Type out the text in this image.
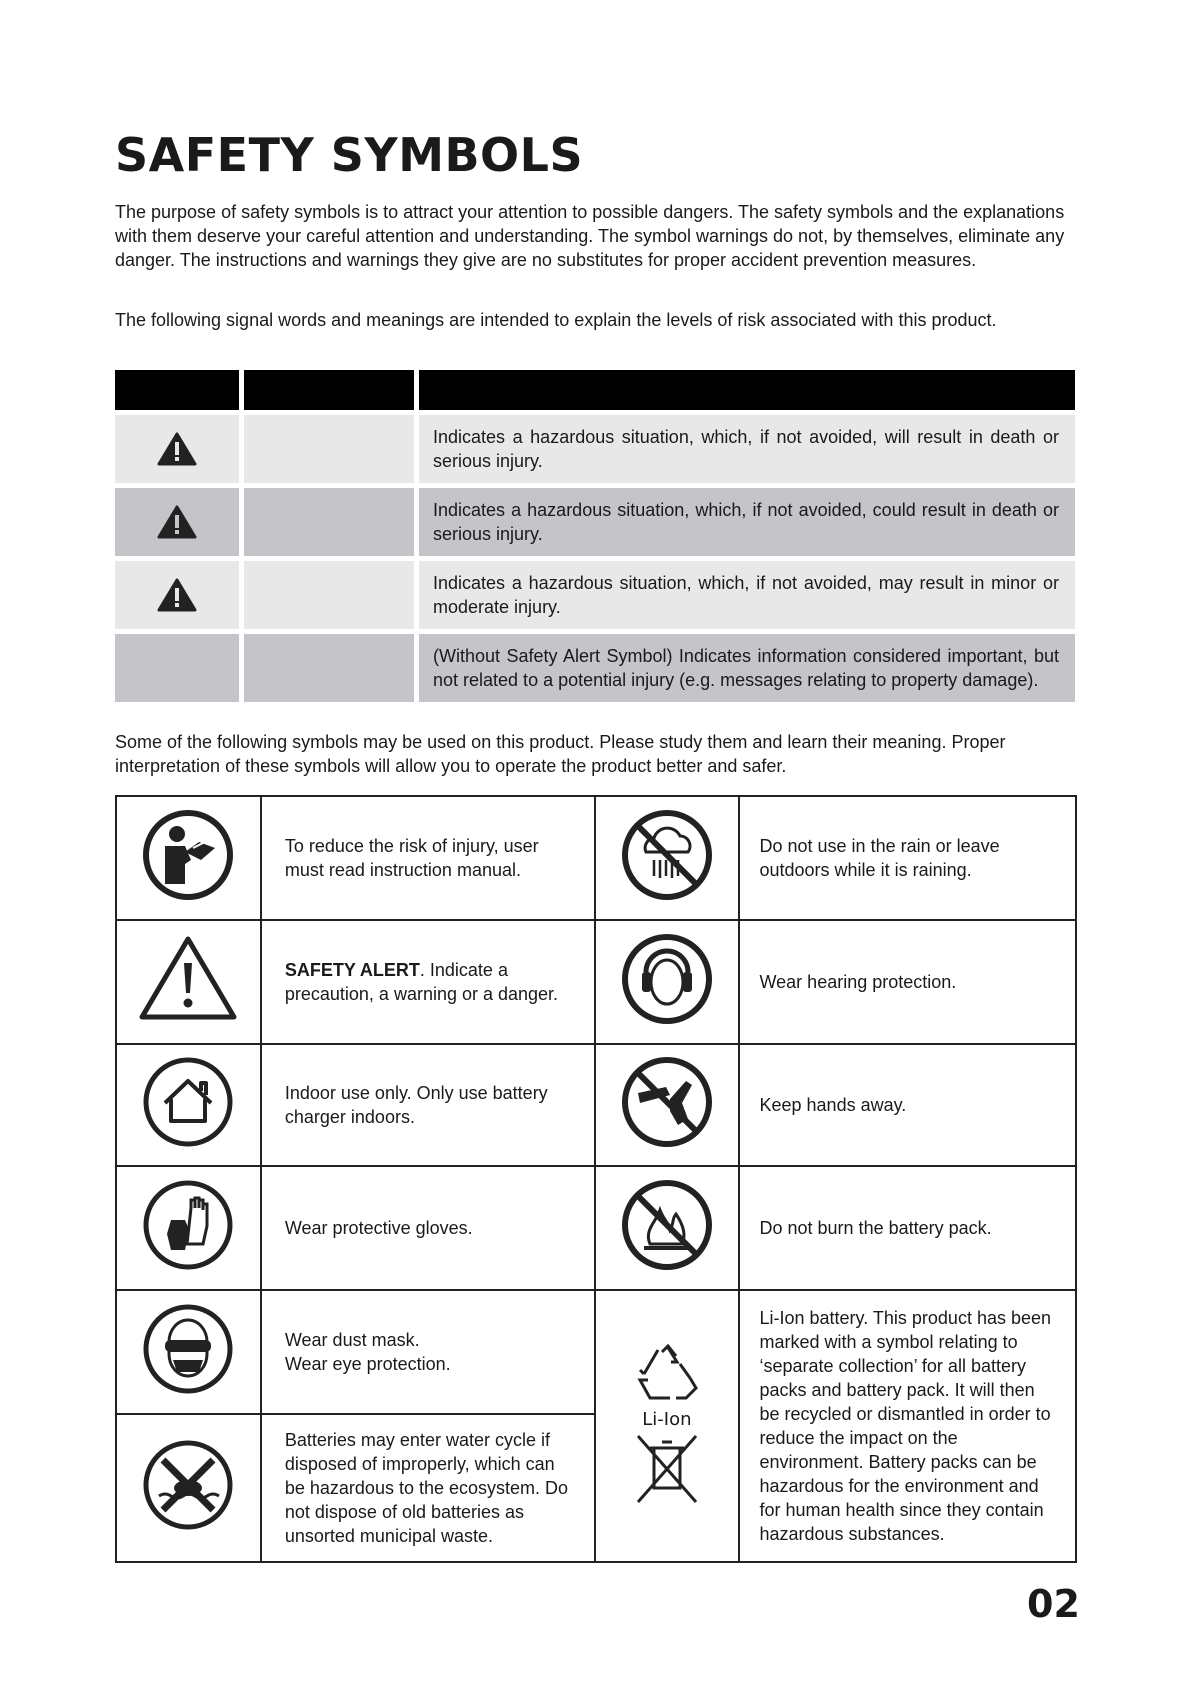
SAFETY SYMBOLS

The purpose of safety symbols is to attract your attention to possible dangers. The safety symbols and the explanations with them deserve your careful attention and understanding. The symbol warnings do not, by themselves, eliminate any danger. The instructions and warnings they give are no substitutes for proper accident prevention measures.

The following signal words and meanings are intended to explain the levels of risk associated with this product.

Indicates a hazardous situation, which, if not avoided, will result in death or serious injury.
Indicates a hazardous situation, which, if not avoided, could result in death or serious injury.
Indicates a hazardous situation, which, if not avoided, may result in minor or moderate injury.
(Without Safety Alert Symbol) Indicates information considered important, but not related to a potential injury (e.g. messages relating to property damage).

Some of the following symbols may be used on this product. Please study them and learn their meaning. Proper interpretation of these symbols will allow you to operate the product better and safer.

	To reduce the risk of injury, user must read instruction manual.		Do not use in the rain or leave outdoors while it is raining.
	SAFETY ALERT. Indicate a precaution, a warning or a danger.		Wear hearing protection.
	Indoor use only. Only use battery charger indoors.		Keep hands away.
	Wear protective gloves.		Do not burn the battery pack.

Wear dust mask.
Wear eye protection.	Li-Ion	Li-Ion battery. This product has been marked with a symbol relating to ‘separate collection’ for all battery packs and battery pack. It will then be recycled or dismantled in order to reduce the impact on the environment. Battery packs can be hazardous for the environment and for human health since they contain hazardous substances.
	Batteries may enter water cycle if disposed of improperly, which can be hazardous to the ecosystem. Do not dispose of old batteries as unsorted municipal waste.		
02
